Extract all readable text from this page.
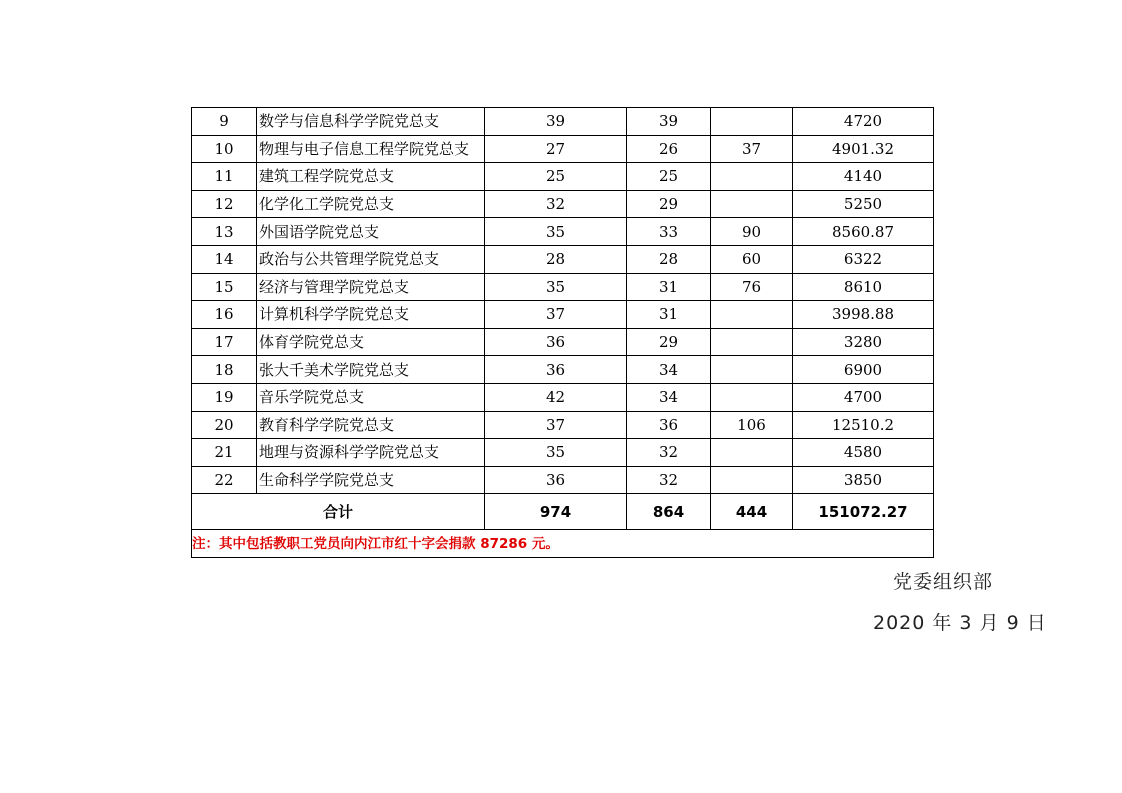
9	数学与信息科学学院党总支	39	39		4720
10	物理与电子信息工程学院党总支	27	26	37	4901.32
11	建筑工程学院党总支	25	25		4140
12	化学化工学院党总支	32	29		5250
13	外国语学院党总支	35	33	90	8560.87
14	政治与公共管理学院党总支	28	28	60	6322
15	经济与管理学院党总支	35	31	76	8610
16	计算机科学学院党总支	37	31		3998.88
17	体育学院党总支	36	29		3280
18	张大千美术学院党总支	36	34		6900
19	音乐学院党总支	42	34		4700
20	教育科学学院党总支	37	36	106	12510.2
21	地理与资源科学学院党总支	35	32		4580
22	生命科学学院党总支	36	32		3850
合计		974	864	444	151072.27
注：其中包括教职工党员向内江市红十字会捐款 87286 元。					
党委组织部
2020 年 3 月 9 日
